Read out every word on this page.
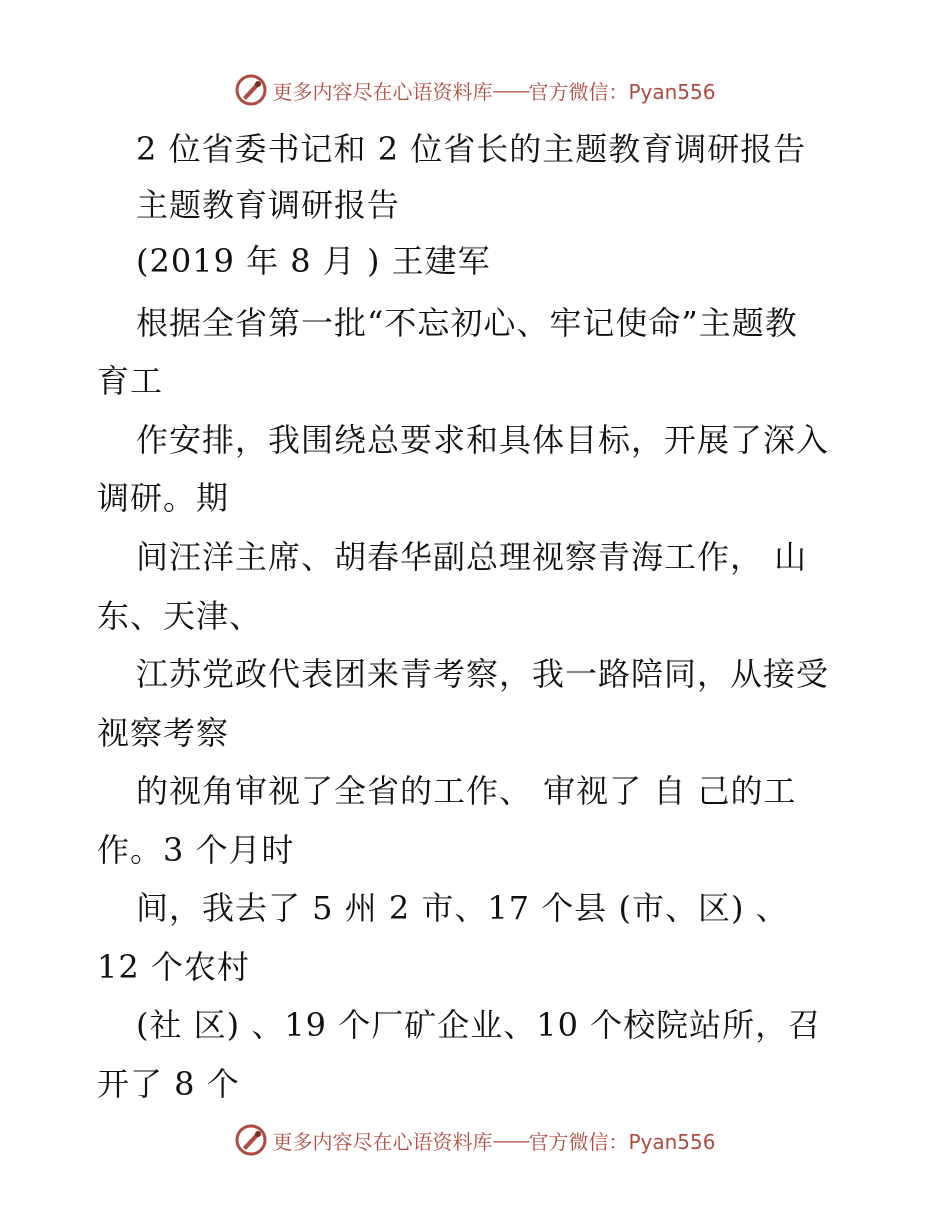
更多内容尽在心语资料库 —— 官方微信：Pyan556
2 位省委书记和 2 位省长的主题教育调研报告
主题教育调研报告
(2019 年 8 月 ) 王建军
根据全省第一批“不忘初心、牢记使命”主题教
育工
作安排，我围绕总要求和具体目标，开展了深入
调研。期
间汪洋主席、胡春华副总理视察青海工作， 山
东、天津、
江苏党政代表团来青考察，我一路陪同，从接受
视察考察
的视角审视了全省的工作、 审视了 自 己的工
作。3 个月时
间，我去了 5 州 2 市、17 个县 (市、区) 、
12 个农村
(社 区) 、19 个厂矿企业、10 个校院站所，召
开了 8 个
更多内容尽在心语资料库 —— 官方微信：Pyan556
